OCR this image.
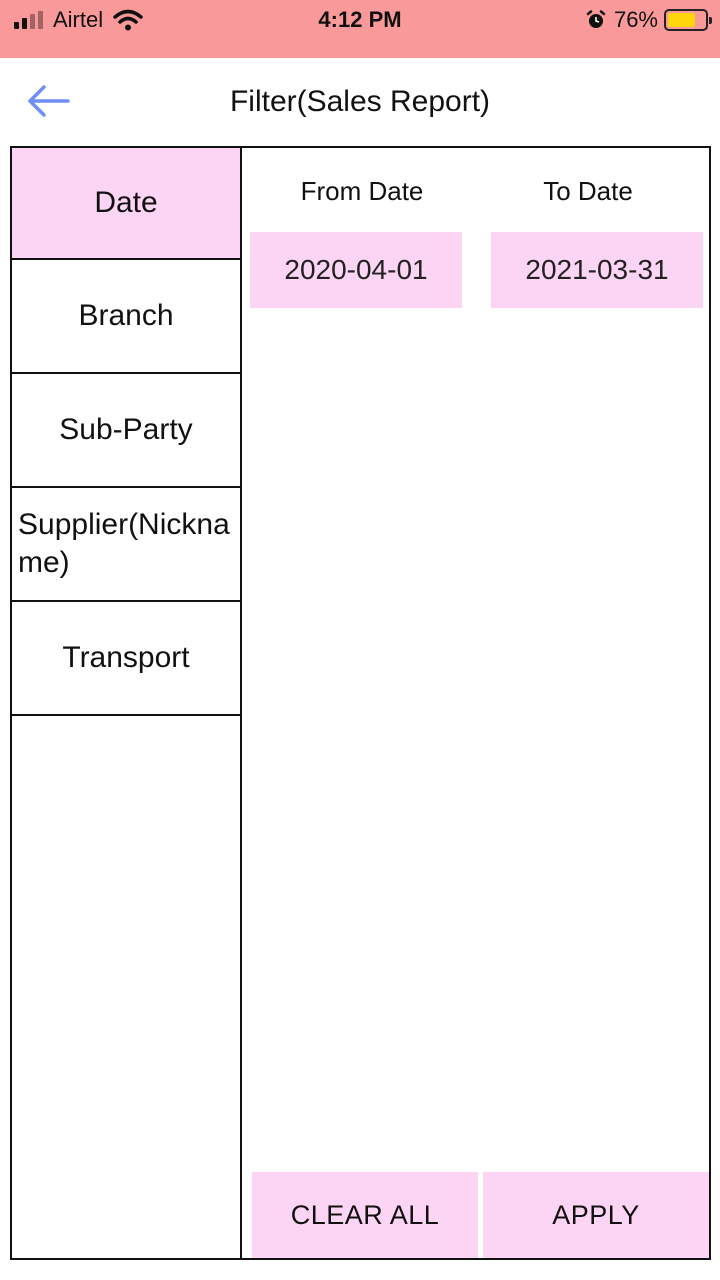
Airtel	4:12 PM	76%
Filter(Sales Report)
Date
Branch
Sub-Party
Supplier(Nickname)
Transport
From Date	To Date
2020-04-01	2021-03-31
CLEAR ALL	APPLY
